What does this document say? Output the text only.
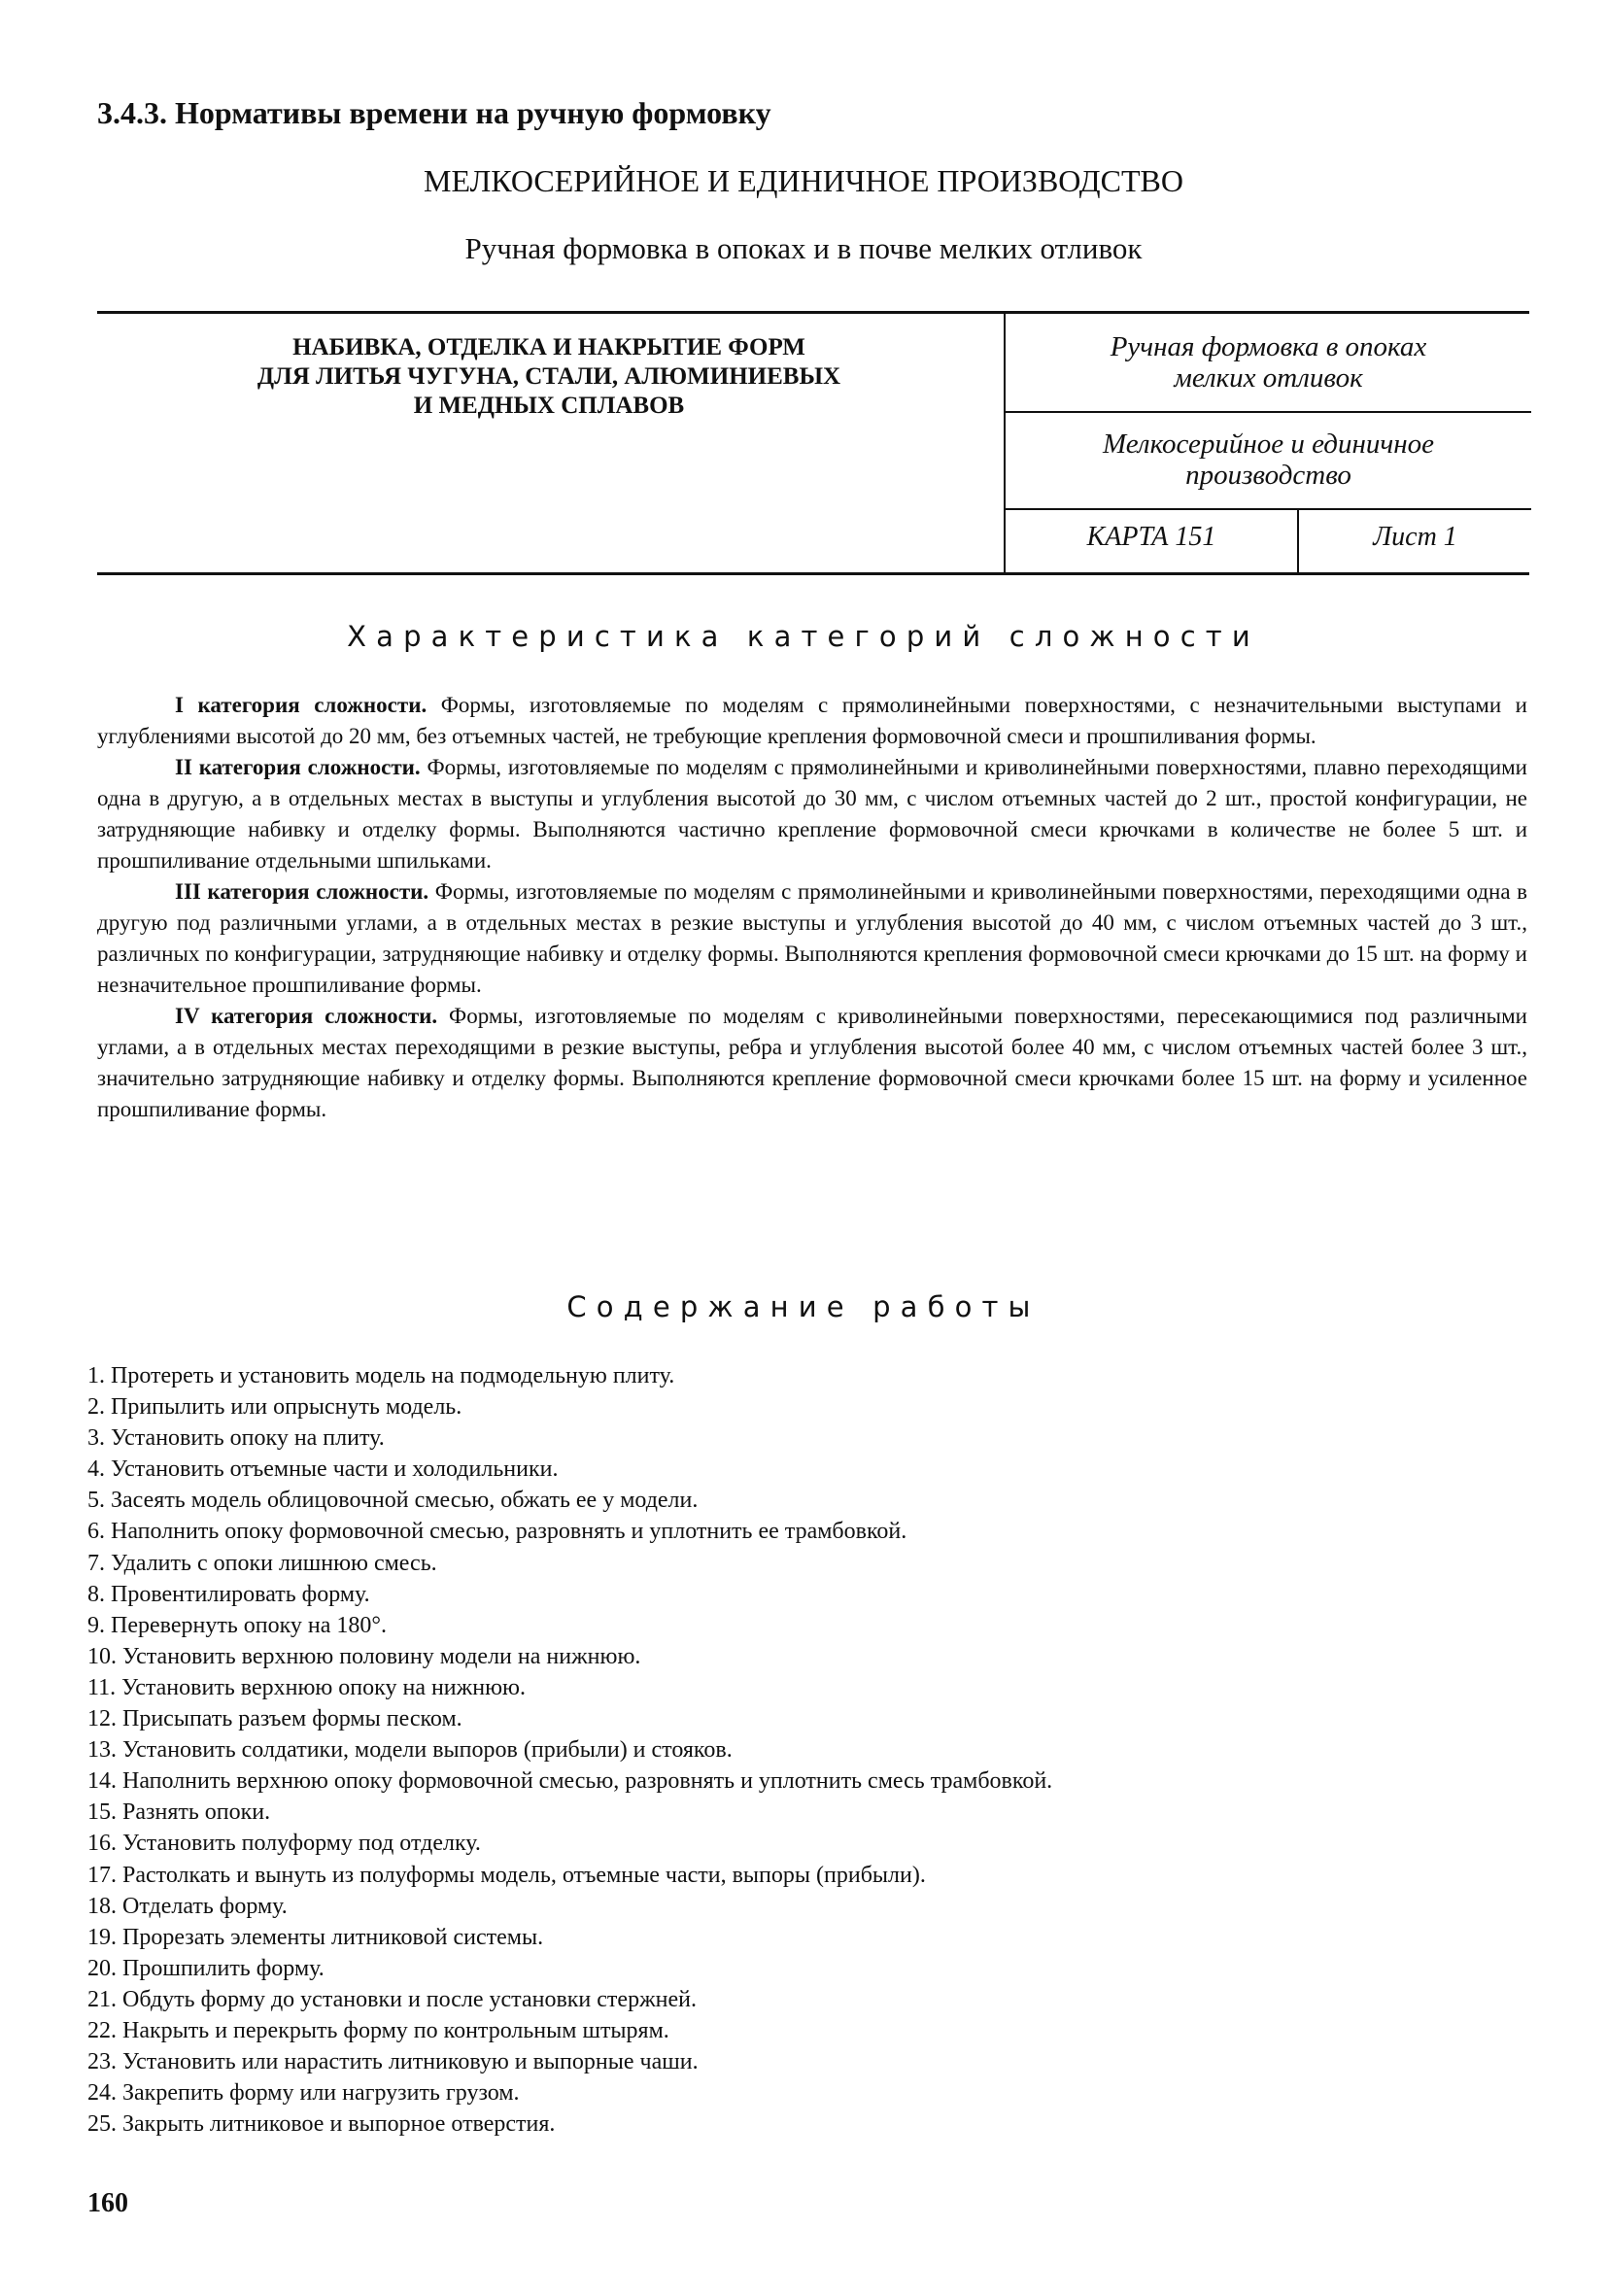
3.4.3. Нормативы времени на ручную формовку
МЕЛКОСЕРИЙНОЕ И ЕДИНИЧНОЕ ПРОИЗВОДСТВО
Ручная формовка в опоках и в почве мелких отливок
НАБИВКА, ОТДЕЛКА И НАКРЫТИЕ ФОРМ
ДЛЯ ЛИТЬЯ ЧУГУНА, СТАЛИ, АЛЮМИНИЕВЫХ
И МЕДНЫХ СПЛАВОВ
Ручная формовка в опоках
мелких отливок
Мелкосерийное и единичное
производство
КАРТА 151	Лист 1
Характеристика категорий сложности

I категория сложности. Формы, изготовляемые по моделям с прямолинейными поверхностями, с незначительными выступами и углублениями высотой до 20 мм, без отъемных частей, не требующие крепления формовочной смеси и прошпиливания формы.

II категория сложности. Формы, изготовляемые по моделям с прямолинейными и криволинейными поверхностями, плавно переходящими одна в другую, а в отдельных местах в выступы и углубления высотой до 30 мм, с числом отъемных частей до 2 шт., простой конфигурации, не затрудняющие набивку и отделку формы. Выполняются частично крепление формовочной смеси крючками в количестве не более 5 шт. и прошпиливание отдельными шпильками.

III категория сложности. Формы, изготовляемые по моделям с прямолинейными и криволинейными поверхностями, переходящими одна в другую под различными углами, а в отдельных местах в резкие выступы и углубления высотой до 40 мм, с числом отъемных частей до 3 шт., различных по конфигурации, затрудняющие набивку и отделку формы. Выполняются крепления формовочной смеси крючками до 15 шт. на форму и незначительное прошпиливание формы.

IV категория сложности. Формы, изготовляемые по моделям с криволинейными поверхностями, пересекающимися под различными углами, а в отдельных местах переходящими в резкие выступы, ребра и углубления высотой более 40 мм, с числом отъемных частей более 3 шт., значительно затрудняющие набивку и отделку формы. Выполняются крепление формовочной смеси крючками более 15 шт. на форму и усиленное прошпиливание формы.

Содержание работы
1. Протереть и установить модель на подмодельную плиту.
2. Припылить или опрыснуть модель.
3. Установить опоку на плиту.
4. Установить отъемные части и холодильники.
5. Засеять модель облицовочной смесью, обжать ее у модели.
6. Наполнить опоку формовочной смесью, разровнять и уплотнить ее трамбовкой.
7. Удалить с опоки лишнюю смесь.
8. Провентилировать форму.
9. Перевернуть опоку на 180°.
10. Установить верхнюю половину модели на нижнюю.
11. Установить верхнюю опоку на нижнюю.
12. Присыпать разъем формы песком.
13. Установить солдатики, модели выпоров (прибыли) и стояков.
14. Наполнить верхнюю опоку формовочной смесью, разровнять и уплотнить смесь трамбовкой.
15. Разнять опоки.
16. Установить полуформу под отделку.
17. Растолкать и вынуть из полуформы модель, отъемные части, выпоры (прибыли).
18. Отделать форму.
19. Прорезать элементы литниковой системы.
20. Прошпилить форму.
21. Обдуть форму до установки и после установки стержней.
22. Накрыть и перекрыть форму по контрольным штырям.
23. Установить или нарастить литниковую и выпорные чаши.
24. Закрепить форму или нагрузить грузом.
25. Закрыть литниковое и выпорное отверстия.
160
